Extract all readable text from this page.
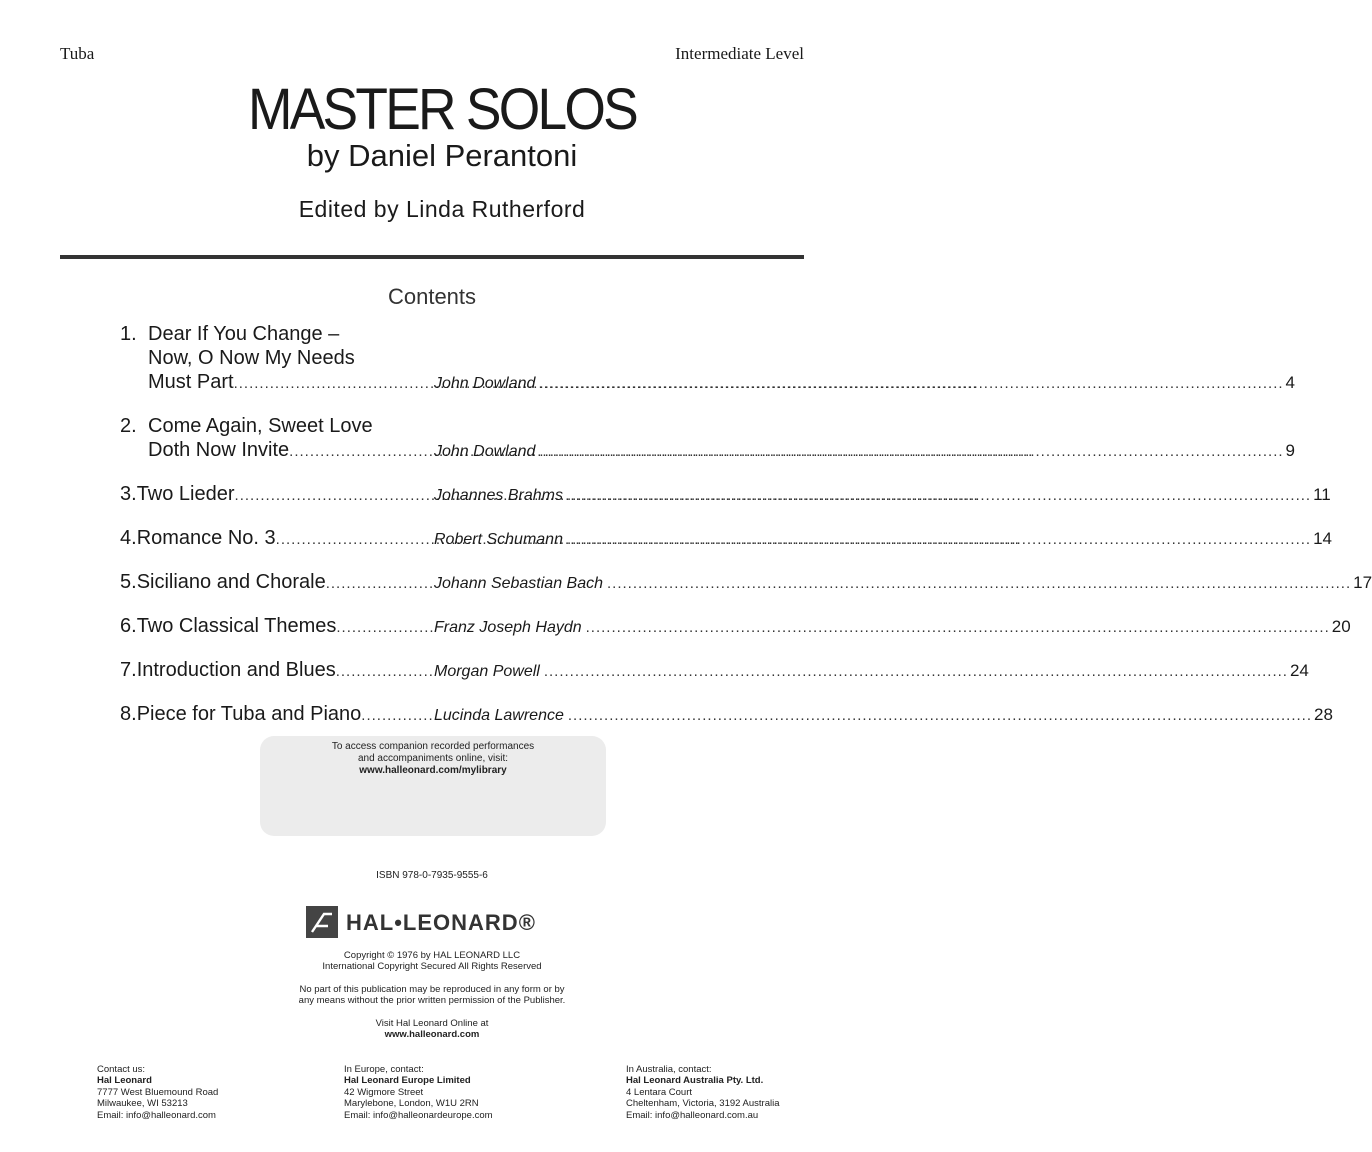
Tuba	Intermediate Level
MASTER SOLOS
by Daniel Perantoni
Edited by Linda Rutherford
Contents
1. Dear If You Change –
Now, O Now My Needs
Must Part .....	John Dowland .....	4
2. Come Again, Sweet Love
Doth Now Invite .....	John Dowland .....	9
3. Two Lieder .....	Johannes Brahms .....	11
4. Romance No. 3 .....	Robert Schumann .....	14
5. Siciliano and Chorale .....	Johann Sebastian Bach .....	17
6. Two Classical Themes .....	Franz Joseph Haydn .....	20
7. Introduction and Blues .....	Morgan Powell .....	24
8. Piece for Tuba and Piano .....	Lucinda Lawrence .....	28
To access companion recorded performances
and accompaniments online, visit:
www.halleonard.com/mylibrary
ISBN 978-0-7935-9555-6
HAL•LEONARD®
Copyright © 1976 by HAL LEONARD LLC
International Copyright Secured All Rights Reserved
No part of this publication may be reproduced in any form or by
any means without the prior written permission of the Publisher.
Visit Hal Leonard Online at
www.halleonard.com
Contact us:
Hal Leonard
7777 West Bluemound Road
Milwaukee, WI 53213
Email: info@halleonard.com
In Europe, contact:
Hal Leonard Europe Limited
42 Wigmore Street
Marylebone, London, W1U 2RN
Email: info@halleonardeurope.com
In Australia, contact:
Hal Leonard Australia Pty. Ltd.
4 Lentara Court
Cheltenham, Victoria, 3192 Australia
Email: info@halleonard.com.au
